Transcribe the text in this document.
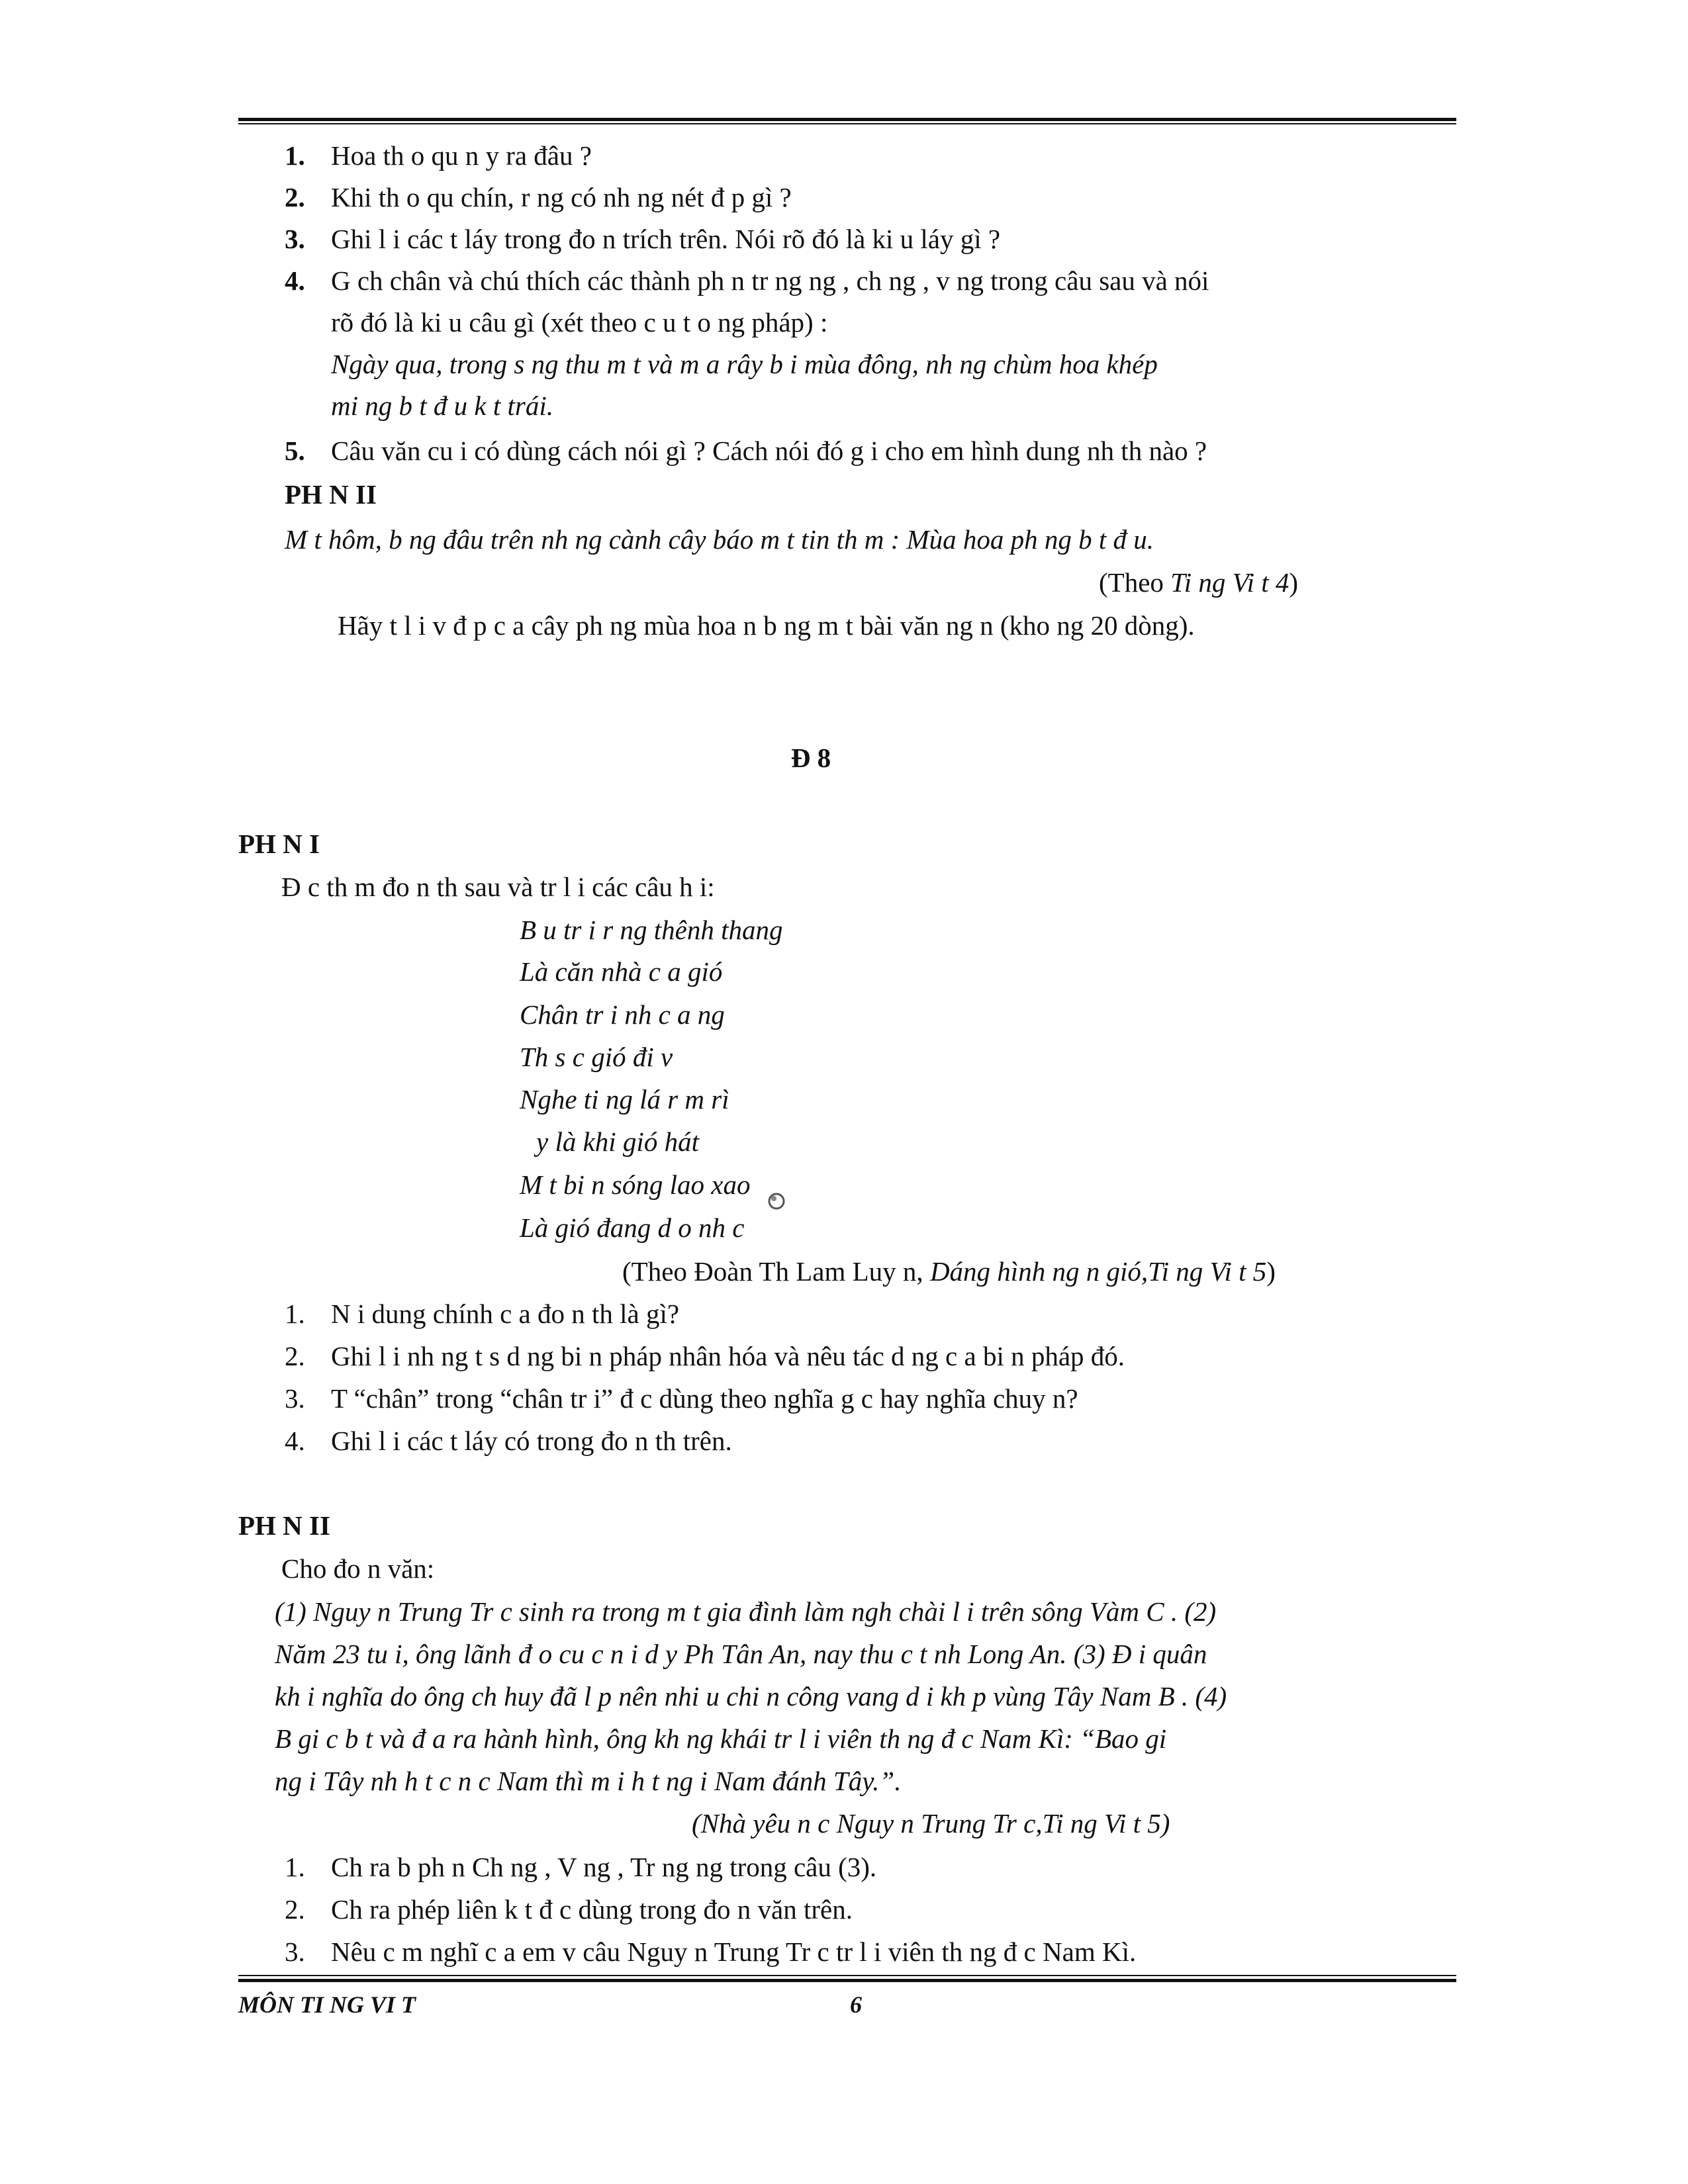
1. Hoa th o qu n y ra đâu ?
2. Khi th o qu chín, r ng có nh ng nét đ p gì ?
3. Ghi l i các t láy trong đo n trích trên. Nói rõ đó là ki u láy gì ?
4. G ch chân và chú thích các thành ph n tr ng ng , ch ng , v ng trong câu sau và nói
rõ đó là ki u câu gì (xét theo c u t o ng pháp) :
Ngày qua, trong s ng thu m t và m a rây b i mùa đông, nh ng chùm hoa khép
mi ng b t đ u k t trái.
5. Câu văn cu i có dùng cách nói gì ? Cách nói đó g i cho em hình dung nh th nào ?
PH N II
M t hôm, b ng đâu trên nh ng cành cây báo m t tin th m : Mùa hoa ph ng b t đ u.
(Theo Ti ng Vi t 4)
Hãy t l i v đ p c a cây ph ng mùa hoa n b ng m t bài văn ng n (kho ng 20 dòng).
Đ 8
PH N I
Đ c th m đo n th sau và tr l i các câu h i:
B u tr i r ng thênh thang
Là căn nhà c a gió
Chân tr i nh c a ng
Th s c gió đi v
Nghe ti ng lá r m rì
y là khi gió hát
M t bi n sóng lao xao
Là gió đang d o nh c
(Theo Đoàn Th Lam Luy n, Dáng hình ng n gió,Ti ng Vi t 5)
1. N i dung chính c a đo n th là gì?
2. Ghi l i nh ng t s d ng bi n pháp nhân hóa và nêu tác d ng c a bi n pháp đó.
3. T “chân” trong “chân tr i” đ c dùng theo nghĩa g c hay nghĩa chuy n?
4. Ghi l i các t láy có trong đo n th trên.
PH N II
Cho đo n văn:
(1) Nguy n Trung Tr c sinh ra trong m t gia đình làm ngh chài l i trên sông Vàm C . (2)
Năm 23 tu i, ông lãnh đ o cu c n i d y Ph Tân An, nay thu c t nh Long An. (3) Đ i quân
kh i nghĩa do ông ch huy đã l p nên nhi u chi n công vang d i kh p vùng Tây Nam B . (4)
B gi c b t và đ a ra hành hình, ông kh ng khái tr l i viên th ng đ c Nam Kì: “Bao gi
ng i Tây nh h t c n c Nam thì m i h t ng i Nam đánh Tây.”.
(Nhà yêu n c Nguy n Trung Tr c,Ti ng Vi t 5)
1. Ch ra b ph n Ch ng , V ng , Tr ng ng trong câu (3).
2. Ch ra phép liên k t đ c dùng trong đo n văn trên.
3. Nêu c m nghĩ c a em v câu Nguy n Trung Tr c tr l i viên th ng đ c Nam Kì.
MÔN TI NG VI T	6
